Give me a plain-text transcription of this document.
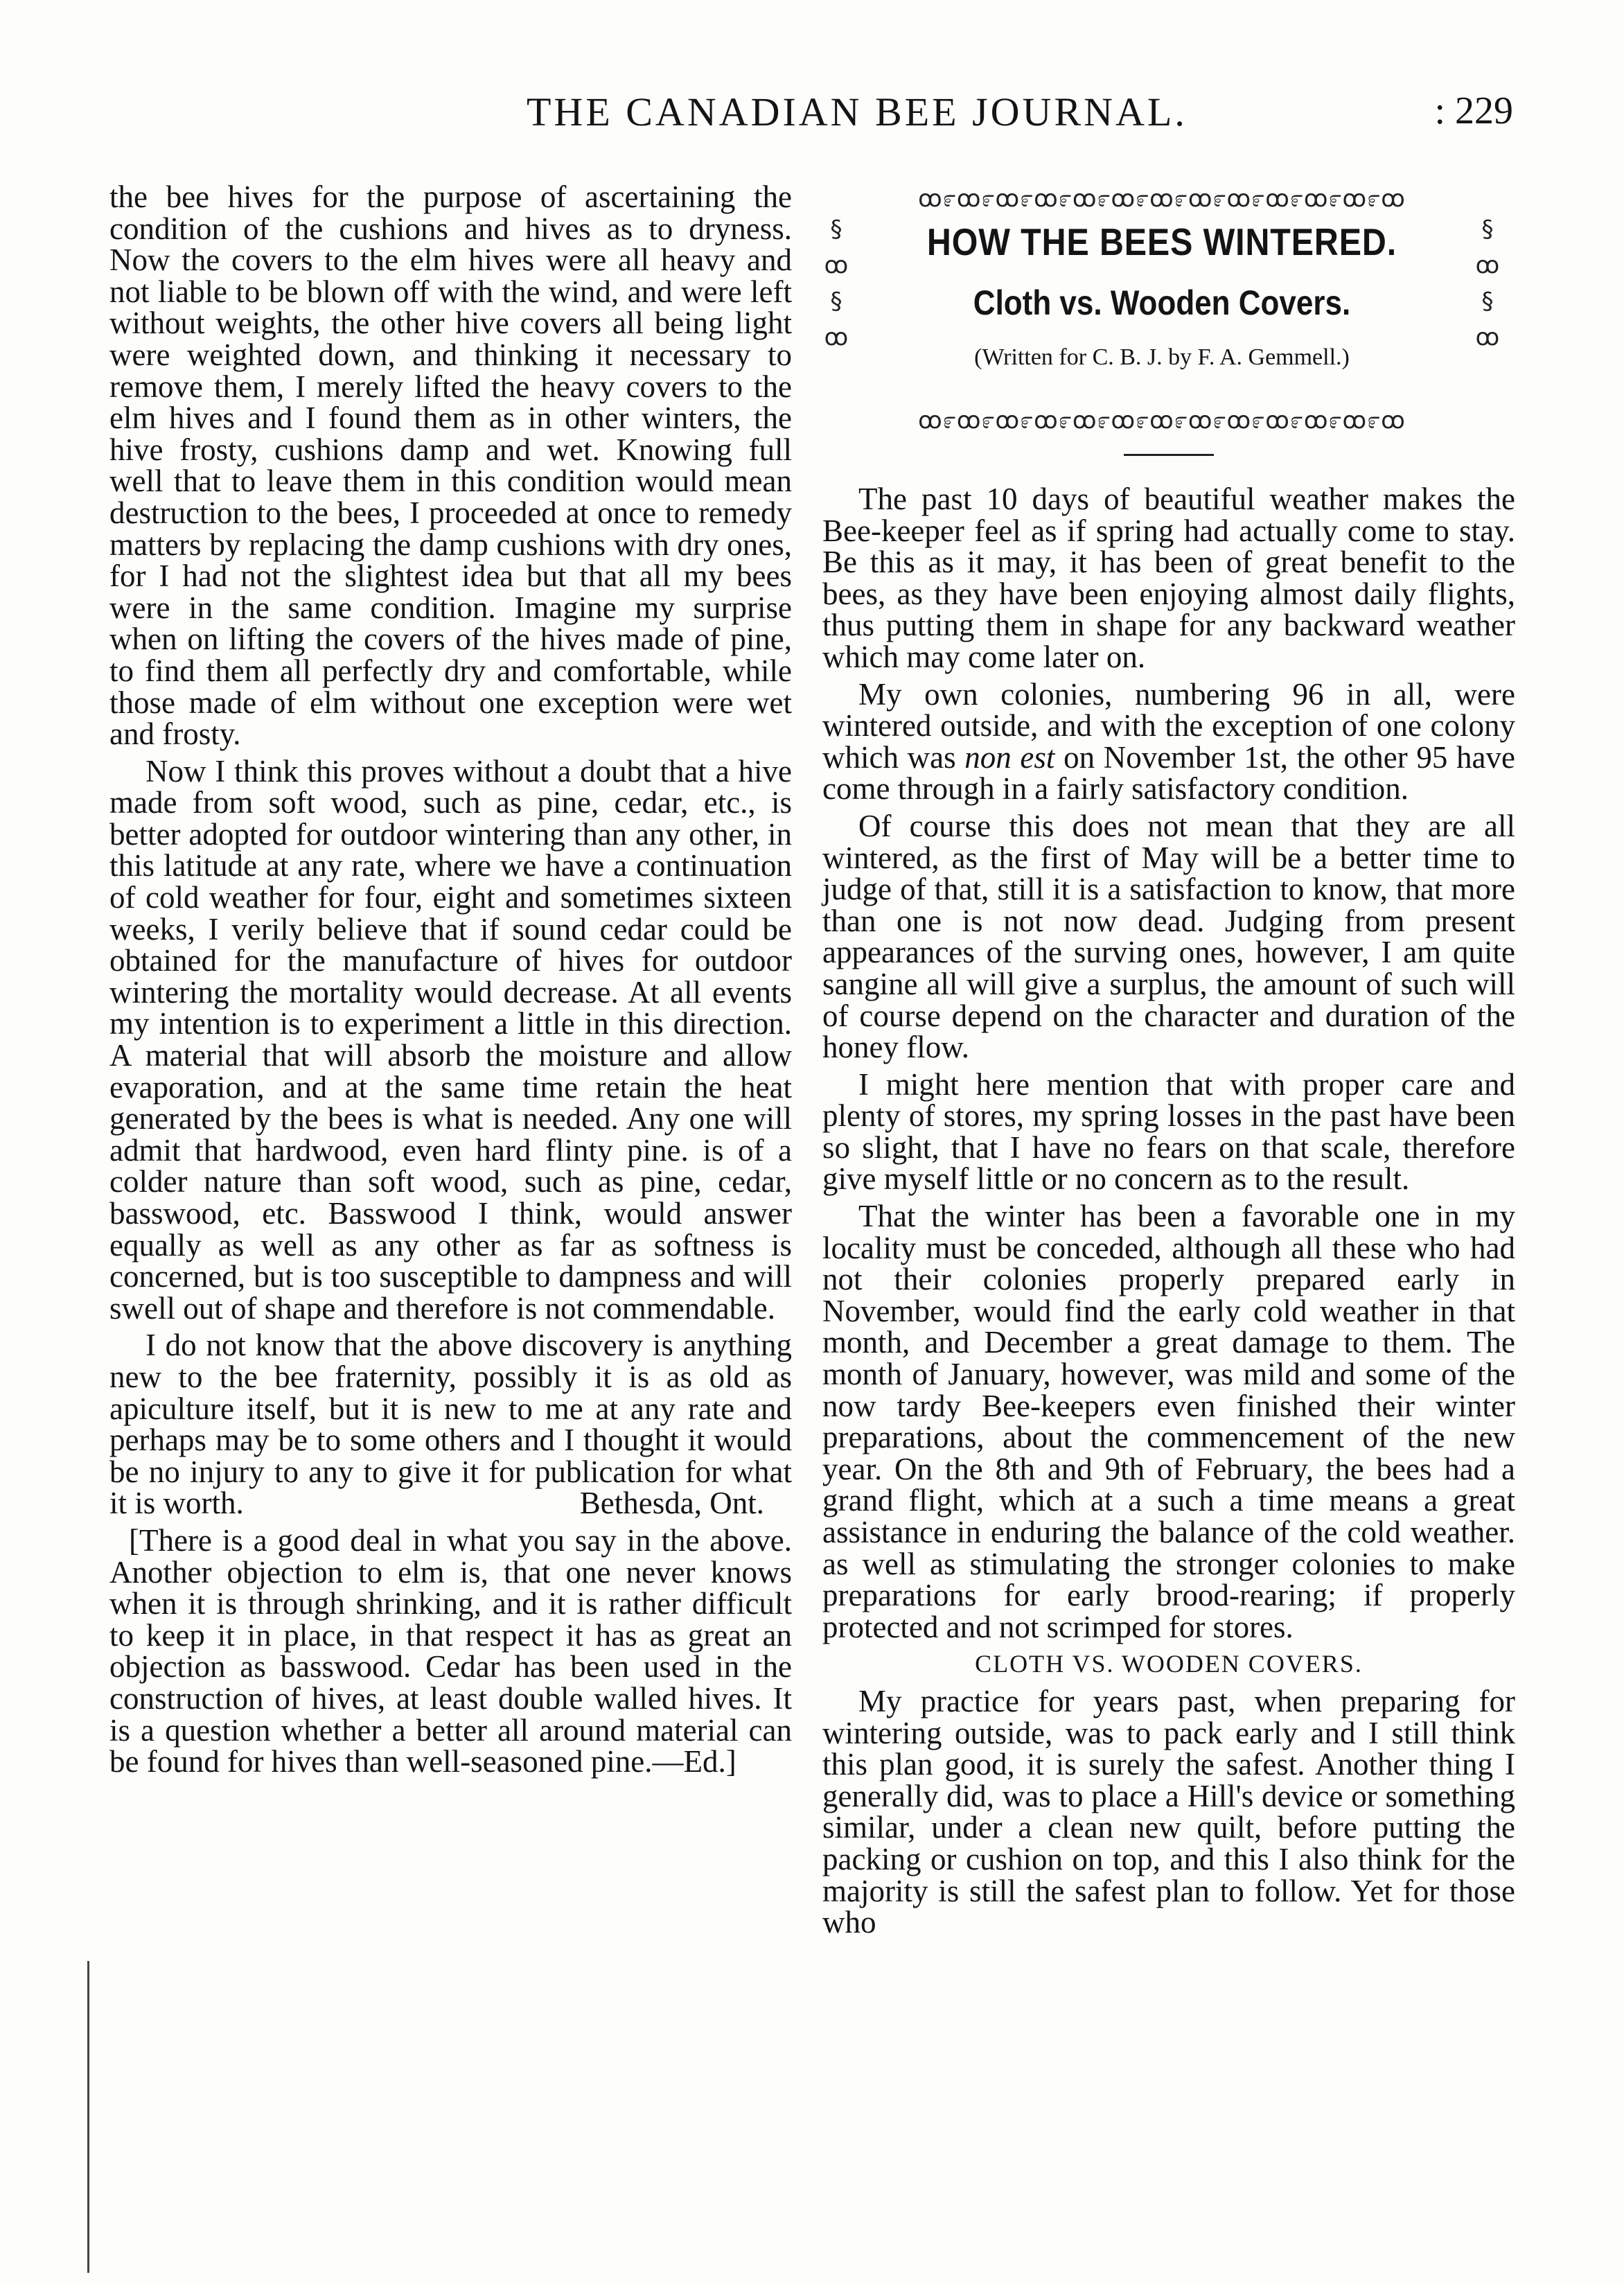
THE CANADIAN BEE JOURNAL.	: 229

the bee hives for the purpose of ascertaining the condition of the cushions and hives as to dryness. Now the covers to the elm hives were all heavy and not liable to be blown off with the wind, and were left without weights, the other hive covers all being light were weighted down, and thinking it necessary to remove them, I merely lifted the heavy covers to the elm hives and I found them as in other winters, the hive frosty, cushions damp and wet. Knowing full well that to leave them in this condition would mean destruction to the bees, I proceeded at once to remedy matters by replacing the damp cushions with dry ones, for I had not the slightest idea but that all my bees were in the same condition. Imagine my surprise when on lifting the covers of the hives made of pine, to find them all perfectly dry and comfortable, while those made of elm without one exception were wet and frosty.

Now I think this proves without a doubt that a hive made from soft wood, such as pine, cedar, etc., is better adopted for outdoor wintering than any other, in this latitude at any rate, where we have a continuation of cold weather for four, eight and sometimes sixteen weeks, I verily believe that if sound cedar could be obtained for the manufacture of hives for outdoor wintering the mortality would decrease. At all events my intention is to experiment a little in this direction. A material that will absorb the moisture and allow evaporation, and at the same time retain the heat generated by the bees is what is needed. Any one will admit that hardwood, even hard flinty pine. is of a colder nature than soft wood, such as pine, cedar, basswood, etc. Basswood I think, would answer equally as well as any other as far as softness is concerned, but is too susceptible to dampness and will swell out of shape and therefore is not commendable.

I do not know that the above discovery is anything new to the bee fraternity, possibly it is as old as apiculture itself, but it is new to me at any rate and perhaps may be to some others and I thought it would be no injury to any to give it for publication for what it is worth.	Bethesda, Ont.

[There is a good deal in what you say in the above. Another objection to elm is, that one never knows when it is through shrinking, and it is rather difficult to keep it in place, in that respect it has as great an objection as basswood. Cedar has been used in the construction of hives, at least double walled hives. It is a question whether a better all around material can be found for hives than well-seasoned pine.—Ed.]

ꝏ೯ꝏ೯ꝏ೯ꝏ೯ꝏ೯ꝏ೯ꝏ೯ꝏ೯ꝏ೯ꝏ೯ꝏ೯ꝏ೯ꝏ
§ ꝏ § ꝏ
§ ꝏ § ꝏ
HOW THE BEES WINTERED.
Cloth vs. Wooden Covers.
(Written for C. B. J. by F. A. Gemmell.)
ꝏ೯ꝏ೯ꝏ೯ꝏ೯ꝏ೯ꝏ೯ꝏ೯ꝏ೯ꝏ೯ꝏ೯ꝏ೯ꝏ೯ꝏ

The past 10 days of beautiful weather makes the Bee-keeper feel as if spring had actually come to stay. Be this as it may, it has been of great benefit to the bees, as they have been enjoying almost daily flights, thus putting them in shape for any backward weather which may come later on.

My own colonies, numbering 96 in all, were wintered outside, and with the exception of one colony which was non est on November 1st, the other 95 have come through in a fairly satisfactory condition.

Of course this does not mean that they are all wintered, as the first of May will be a better time to judge of that, still it is a satisfaction to know, that more than one is not now dead. Judging from present appearances of the surving ones, however, I am quite sangine all will give a surplus, the amount of such will of course depend on the character and duration of the honey flow.

I might here mention that with proper care and plenty of stores, my spring losses in the past have been so slight, that I have no fears on that scale, therefore give myself little or no concern as to the result.

That the winter has been a favorable one in my locality must be conceded, although all these who had not their colonies properly prepared early in November, would find the early cold weather in that month, and December a great damage to them. The month of January, however, was mild and some of the now tardy Bee-keepers even finished their winter preparations, about the commencement of the new year. On the 8th and 9th of February, the bees had a grand flight, which at a such a time means a great assistance in enduring the balance of the cold weather. as well as stimulating the stronger colonies to make preparations for early brood-rearing; if properly protected and not scrimped for stores.

CLOTH VS. WOODEN COVERS.

My practice for years past, when preparing for wintering outside, was to pack early and I still think this plan good, it is surely the safest. Another thing I generally did, was to place a Hill's device or something similar, under a clean new quilt, before putting the packing or cushion on top, and this I also think for the majority is still the safest plan to follow. Yet for those who
